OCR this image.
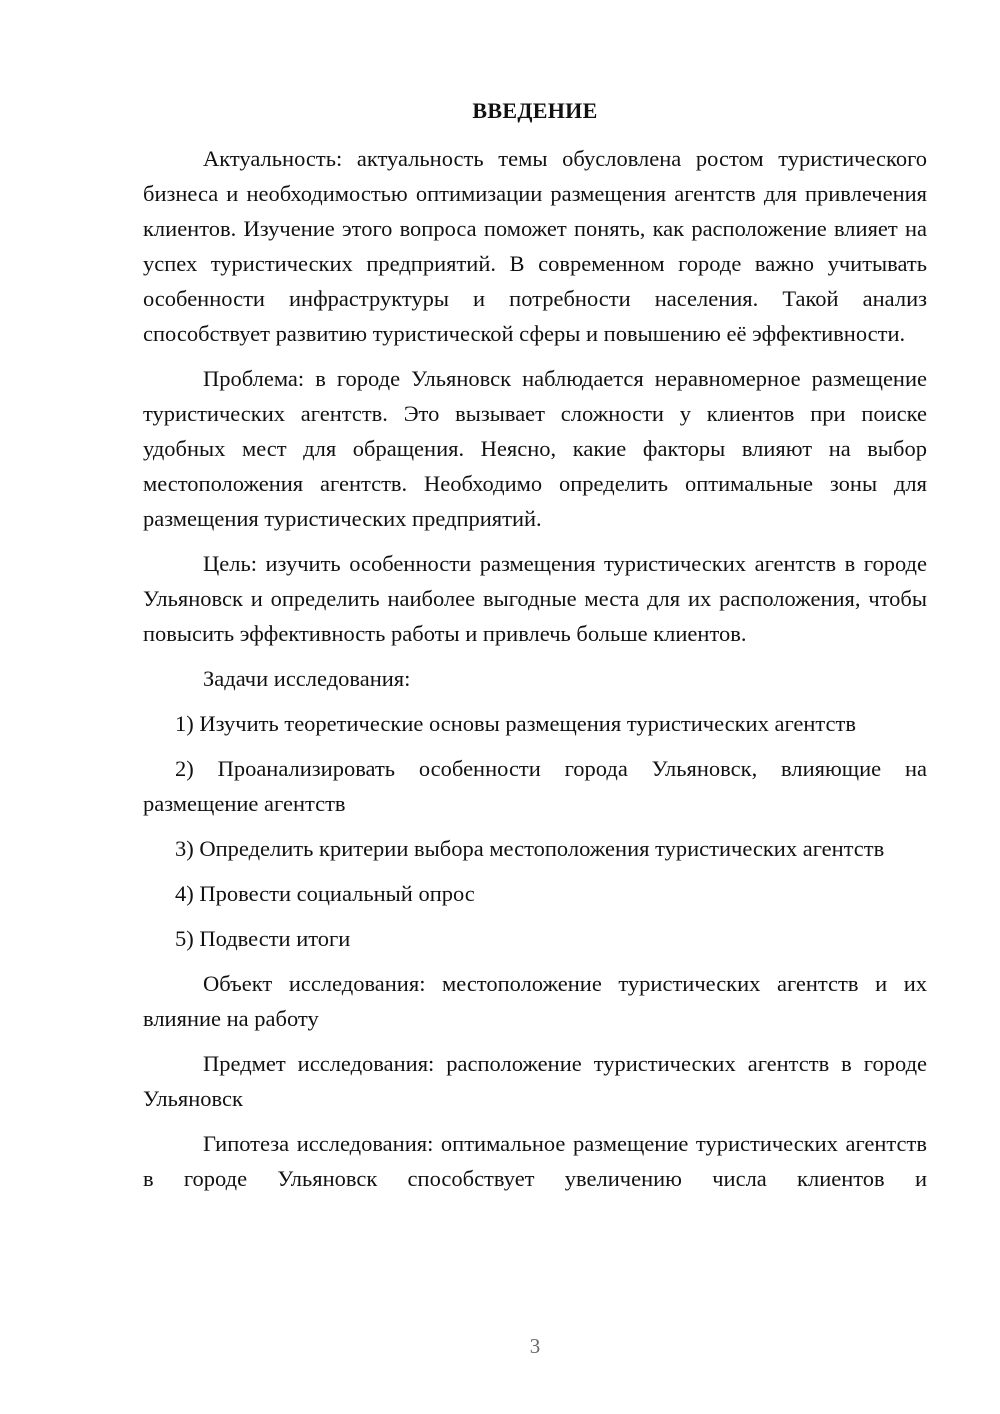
ВВЕДЕНИЕ

Актуальность: актуальность темы обусловлена ростом туристического бизнеса и необходимостью оптимизации размещения агентств для привлечения клиентов. Изучение этого вопроса поможет понять, как расположение влияет на успех туристических предприятий. В современном городе важно учитывать особенности инфраструктуры и потребности населения. Такой анализ способствует развитию туристической сферы и повышению её эффективности.

Проблема: в городе Ульяновск наблюдается неравномерное размещение туристических агентств. Это вызывает сложности у клиентов при поиске удобных мест для обращения. Неясно, какие факторы влияют на выбор местоположения агентств. Необходимо определить оптимальные зоны для размещения туристических предприятий.

Цель: изучить особенности размещения туристических агентств в городе Ульяновск и определить наиболее выгодные места для их расположения, чтобы повысить эффективность работы и привлечь больше клиентов.

Задачи исследования:

1) Изучить теоретические основы размещения туристических агентств

2) Проанализировать особенности города Ульяновск, влияющие на размещение агентств

3) Определить критерии выбора местоположения туристических агентств

4) Провести социальный опрос

5) Подвести итоги

Объект исследования: местоположение туристических агентств и их влияние на работу

Предмет исследования: расположение туристических агентств в городе Ульяновск

Гипотеза исследования: оптимальное размещение туристических агентств в городе Ульяновск способствует увеличению числа клиентов и

3
